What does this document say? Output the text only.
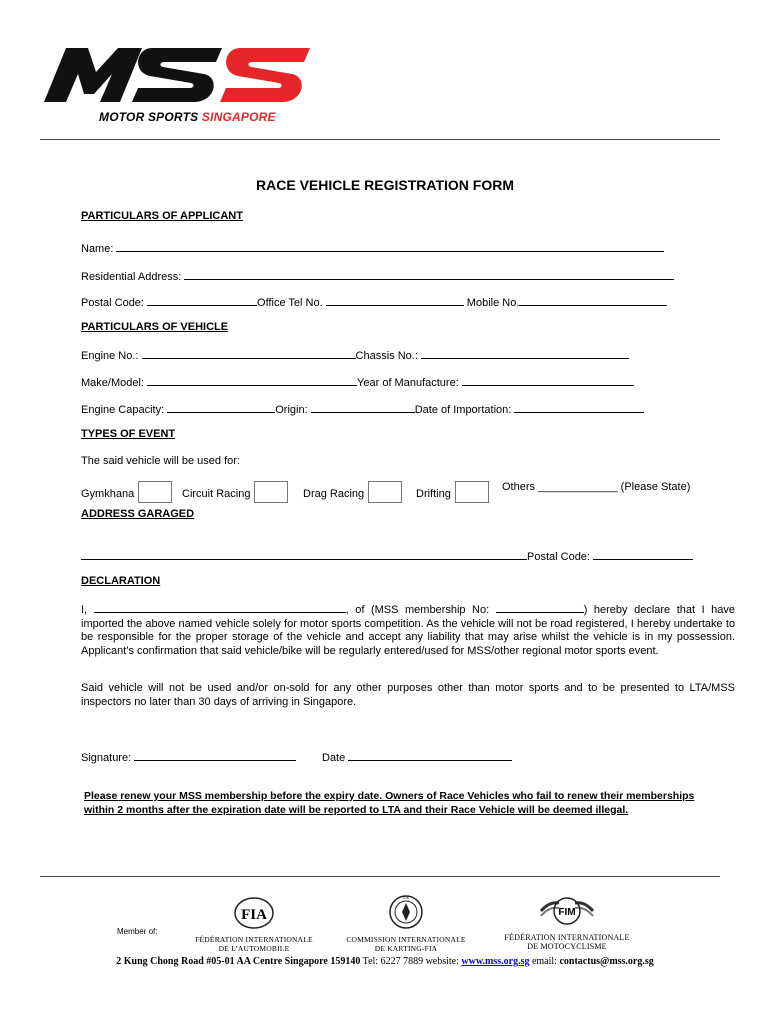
MOTOR SPORTS SINGAPORE
RACE VEHICLE REGISTRATION FORM
PARTICULARS OF APPLICANT
Name:
Residential Address:
Postal Code:	Office Tel No.	Mobile No.
PARTICULARS OF VEHICLE
Engine No.:	Chassis No.:
Make/Model:	Year of Manufacture:
Engine Capacity:	Origin:	Date of Importation:
TYPES OF EVENT
The said vehicle will be used for:
Gymkhana	Circuit Racing	Drag Racing	Drifting
Others _____________ (Please State)
ADDRESS GARAGED
Postal Code:
DECLARATION
I,	, of (MSS membership No:	) hereby declare that I have imported the above named vehicle solely for motor sports competition. As the vehicle will not be road registered, I hereby undertake to be responsible for the proper storage of the vehicle and accept any liability that may arise whilst the vehicle is in my possession. Applicant’s confirmation that said vehicle/bike will be regularly entered/used for MSS/other regional motor sports event.
Said vehicle will not be used and/or on-sold for any other purposes other than motor sports and to be presented to LTA/MSS inspectors no later than 30 days of arriving in Singapore.
Signature:	Date
Please renew your MSS membership before the expiry date. Owners of Race Vehicles who fail to renew their memberships within 2 months after the expiration date will be reported to LTA and their Race Vehicle will be deemed illegal.
Member of:
FIA
FÉDÉRATION INTERNATIONALE
DE L’AUTOMOBILE
CIK
COMMISSION INTERNATIONALE
DE KARTING-FIA
FIM
FÉDÉRATION INTERNATIONALE
DE MOTOCYCLISME
2 Kung Chong Road #05-01 AA Centre Singapore 159140 Tel: 6227 7889 website: www.mss.org.sg email: contactus@mss.org.sg
